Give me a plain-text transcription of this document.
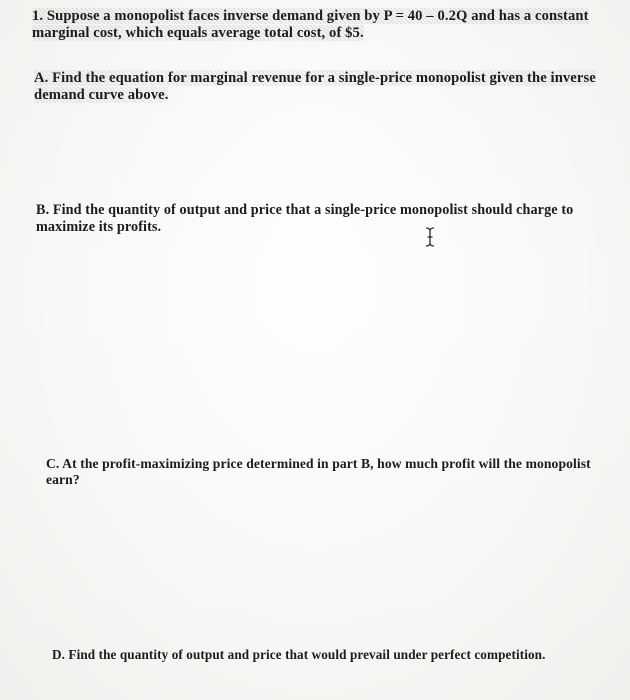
1. Suppose a monopolist faces inverse demand given by P = 40 – 0.2Q and has a constant
marginal cost, which equals average total cost, of $5.
A. Find the equation for marginal revenue for a single-price monopolist given the inverse
demand curve above.
B. Find the quantity of output and price that a single-price monopolist should charge to
maximize its profits.
C. At the profit-maximizing price determined in part B, how much profit will the monopolist
earn?
D. Find the quantity of output and price that would prevail under perfect competition.
